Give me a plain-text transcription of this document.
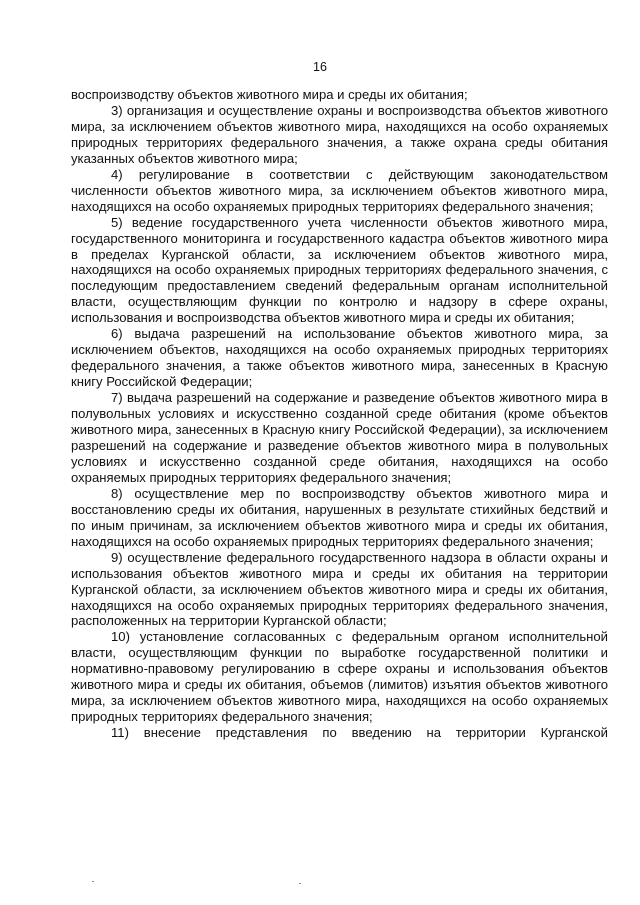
16

воспроизводству объектов животного мира и среды их обитания;

3) организация и осуществление охраны и воспроизводства объектов животного мира, за исключением объектов животного мира, находящихся на особо охраняемых природных территориях федерального значения, а также охрана среды обитания указанных объектов животного мира;

4) регулирование в соответствии с действующим законодательством численности объектов животного мира, за исключением объектов животного мира, находящихся на особо охраняемых природных территориях федерального значения;

5) ведение государственного учета численности объектов животного мира, государственного мониторинга и государственного кадастра объектов животного мира в пределах Курганской области, за исключением объектов животного мира, находящихся на особо охраняемых природных территориях федерального значения, с последующим предоставлением сведений федеральным органам исполнительной власти, осуществляющим функции по контролю и надзору в сфере охраны, использования и воспроизводства объектов животного мира и среды их обитания;

6) выдача разрешений на использование объектов животного мира, за исключением объектов, находящихся на особо охраняемых природных территориях федерального значения, а также объектов животного мира, занесенных в Красную книгу Российской Федерации;

7) выдача разрешений на содержание и разведение объектов животного мира в полувольных условиях и искусственно созданной среде обитания (кроме объектов животного мира, занесенных в Красную книгу Российской Федерации), за исключением разрешений на содержание и разведение объектов животного мира в полувольных условиях и искусственно созданной среде обитания, находящихся на особо охраняемых природных территориях федерального значения;

8) осуществление мер по воспроизводству объектов животного мира и восстановлению среды их обитания, нарушенных в результате стихийных бедствий и по иным причинам, за исключением объектов животного мира и среды их обитания, находящихся на особо охраняемых природных территориях федерального значения;

9) осуществление федерального государственного надзора в области охраны и использования объектов животного мира и среды их обитания на территории Курганской области, за исключением объектов животного мира и среды их обитания, находящихся на особо охраняемых природных территориях федерального значения, расположенных на территории Курганской области;

10) установление согласованных с федеральным органом исполнительной власти, осуществляющим функции по выработке государственной политики и нормативно-правовому регулированию в сфере охраны и использования объектов животного мира и среды их обитания, объемов (лимитов) изъятия объектов животного мира, за исключением объектов животного мира, находящихся на особо охраняемых природных территориях федерального значения;

11) внесение представления по введению на территории Курганской
